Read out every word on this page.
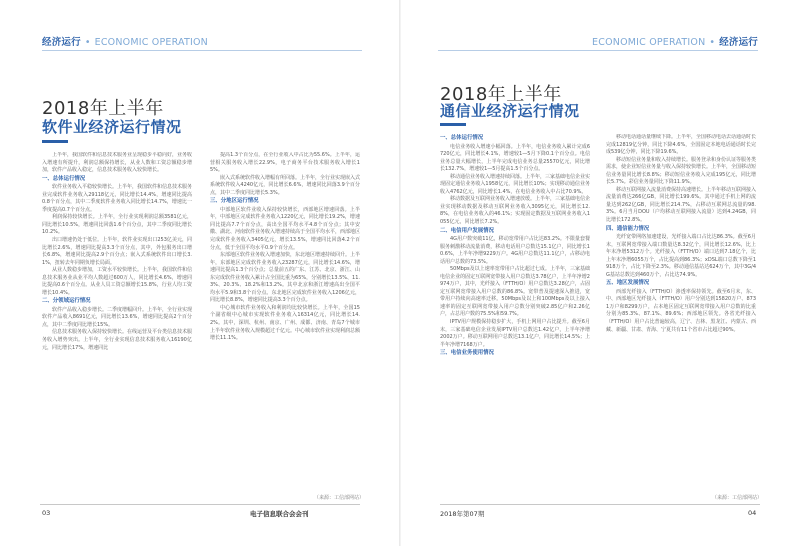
经济运行 • ECONOMIC OPERATION
2018年上半年
软件业经济运行情况

上半年，我国软件和信息技术服务业呈现稳步平稳向好，业务收入增速有所提升，利润总额保持增长，从业人数和工资总额稳步增加，软件产品收入稳定，信息技术服务收入较快增长。

一、总体运行情况

软件业务收入平稳较快增长。上半年，我国软件和信息技术服务业完成软件业务收入29118亿元，同比增长14.4%，增速同比提高0.8个百分点，其中二季度软件业务收入同比增长14.7%，增速比一季度提高0.7个百分点。

利润保持较快增长。上半年，全行业实现利润总额3581亿元，同比增长10.5%，增速同比回落1.6个百分点，其中二季度同比增长10.2%。

出口增速仍处于低位。上半年，软件业实现出口253亿美元，同比增长2.6%，增速同比提高3.3个百分点，其中，外包服务出口增长6.8%，增速同比提高2.9个百分点；嵌入式系统软件出口增长3.1%，扭转去年同期负增长局面。

从业人数稳步增加，工资水平较快增长。上半年，我国软件和信息技术服务业从业平均人数超过600万人，同比增长4.6%，增速同比提高0.6个百分点。从业人员工资总额增长15.8%，行业人均工资增长10.4%。

二、分领域运行情况

软件产品收入稳步增长。二季度增幅回升。上半年，全行业实现软件产品收入8691亿元，同比增长13.6%，增速同比提高2个百分点，其中二季度同比增长15%。

信息技术服务收入保持较快增长。在线运营及平台类信息技术服务收入增势突出。上半年，全行业实现信息技术服务收入16190亿元，同比增长17%，增速同比

提高1.3个百分点，在全行业收入中占比为55.6%。上半年，运营相关服务收入增长22.9%，电子商务平台技术服务收入增长15%。

嵌入式系统软件收入增幅有所回落。上半年，全行业实现嵌入式系统软件收入4240亿元，同比增长6.6%，增速同比回落3.9个百分点，其中二季度同比增长5.3%。

三、分地区运行情况

中部地区软件业收入保持较快增长，西部地区增速回落。上半年，中部地区完成软件业务收入1220亿元，同比增长19.2%，增速同比提高7.7个百分点，高出全国平均水平4.8个百分点；其中安徽、湖北、河南软件业务收入增速持续高于全国平均水平，西部地区完成软件业务收入3405亿元，增长13.5%，增速同比回落4.2个百分点，低于全国平均水平0.9个百分点。

东部地区软件业务收入增速加快，东北地区增速持续回升。上半年，东部地区完成软件业务收入23287亿元，同比增长14.6%，增速同比提高1.3个百分点；总量前五的广东、江苏、北京、浙江、山东完成软件业务收入累计占全国比重为65%，分别增长13.5%、11.3%、20.3%、18.2%和13.2%。其中北京和浙江增速高出全国平均水平5.9和3.8个百分点。东北地区完成软件业务收入1206亿元，同比增长8.8%，增速同比提高3.3个百分点。

中心城市软件业务收入和利润均比较快增长。上半年，全国15个副省级中心城市实现软件业务收入16314亿元，同比增长14.2%。其中，深圳、杭州、南京、广州、成都、济南、青岛7个城市上半年软件业务收入规模超过千亿元。中心城市软件业实现利润总额增长11.1%。

（来源：工信部网站）
03	电子信息联合会会刊
ECONOMIC OPERATION • 经济运行
2018年上半年
通信业经济运行情况

一、总体运行情况

电信业务收入增速小幅回落。上半年，电信业务收入累计完成6720亿元，同比增长4.1%，增速较1—5月下降0.1个百分点。电信业务总量大幅增长，上半年完成电信业务总量25570亿元，同比增长132.7%，增速较1—5月提高1.5个百分点。

移动通信业务收入增速持续回落。上半年，三家基础电信企业实现固定通信业务收入1958亿元，同比增长10%；实现移动通信业务收入4762亿元，同比增长1.4%，在电信业务收入中占比70.9%。

移动数据及互联网业务收入增速放缓。上半年，三家基础电信企业实现移动数据及移动互联网业务收入3095亿元，同比增长12.8%，在电信业务收入的46.1%；实现固定数据及互联网业务收入1055亿元，同比增长7.2%。

二、电信用户发展情况

4G用户数突破11亿，移动宽带用户占比达83.2%。不限量套餐服务刺激移动流量消费，移动电话用户总数达15.1亿户，同比增长10.6%，上半年净增9229万户。4G用户总数达11.1亿户，占移动电话用户总数的73.5%。

50Mbps及以上速率宽带用户占比超过七成。上半年，三家基础电信企业的固定互联网宽带接入用户总数达3.78亿户，上半年净增2974万户，其中，光纤接入（FTTH/O）用户总数达3.28亿户，占固定互联网宽带接入用户总数的86.8%。宽带普及提速深入推进，宽带用户持续向高速率迁移。50Mbps及以上和100Mbps及以上接入速率的固定互联网宽带接入用户总数分别突破2.85亿户和2.26亿户，占总用户数的75.5%和59.7%。

IPTV用户规模保持稳步扩大，手机上网用户占比提升。截至6月末，三家基础电信企业发展IPTV用户总数达1.42亿户，上半年净增2002万户。移动互联网用户总数达13.1亿户，同比增长14.5%；上半年净增7168万户。

三、电信业务使用情况

移动电话通话量继续下降。上半年，全国移动电话去话通话时长完成12819亿分钟，同比下降4.6%，全国固定本地电话通话时长完成539亿分钟，同比下降19.6%。

移动短信业务量和收入持续增长。服务登录和身份认证等服务类需求，使企业短信业务量与收入保持较快增长。上半年，全国移动短信业务量同比增长8.8%；移动短信业务收入完成195亿元，同比增长5.7%。彩信业务量同比下降11.9%。

移动互联网接入流量消费保持高速增长。上半年移动互联网接入流量消费达266亿GB，同比增长199.6%。其中通过手机上网的流量达到262亿GB，同比增长214.7%，占移动互联网总流量的98.3%。6月当月DOU（户均移动互联网接入流量）达到4.24GB，同比增长172.8%。

四、通信能力情况

光纤宽带网络加速建设，光纤接入端口占比达86.3%。截至6月末，互联网宽带接入端口数量达8.32亿个，同比增长12.6%，比上年末净增5312万个。光纤接入（FTTH/O）端口达到7.18亿个，比上年末净增6055万个，占比提高到86.3%；xDSL端口总数下降至1918万个，占比下降至2.3%。移动通信基站达624万个，其中3G/4G基站总数达到460万个，占比达74.9%。

五、地区发展情况

西部光纤接入（FTTH/O）渗透率保持领先。截至6月末，东、中、西部地区光纤接入（FTTH/O）用户分别达到15820万户、8731万户和8299万户，占本地区固定互联网宽带接入用户总数的比重分别为85.3%、87.1%、89.6%；西部地区领先。各省光纤接入（FTTH/O）用户占比普遍较高，辽宁、吉林、黑龙江、内蒙古、西藏、新疆、甘肃、青海、宁夏共有11个省市占比超过90%。

（来源：工信部网站）
2018年第07期	04
